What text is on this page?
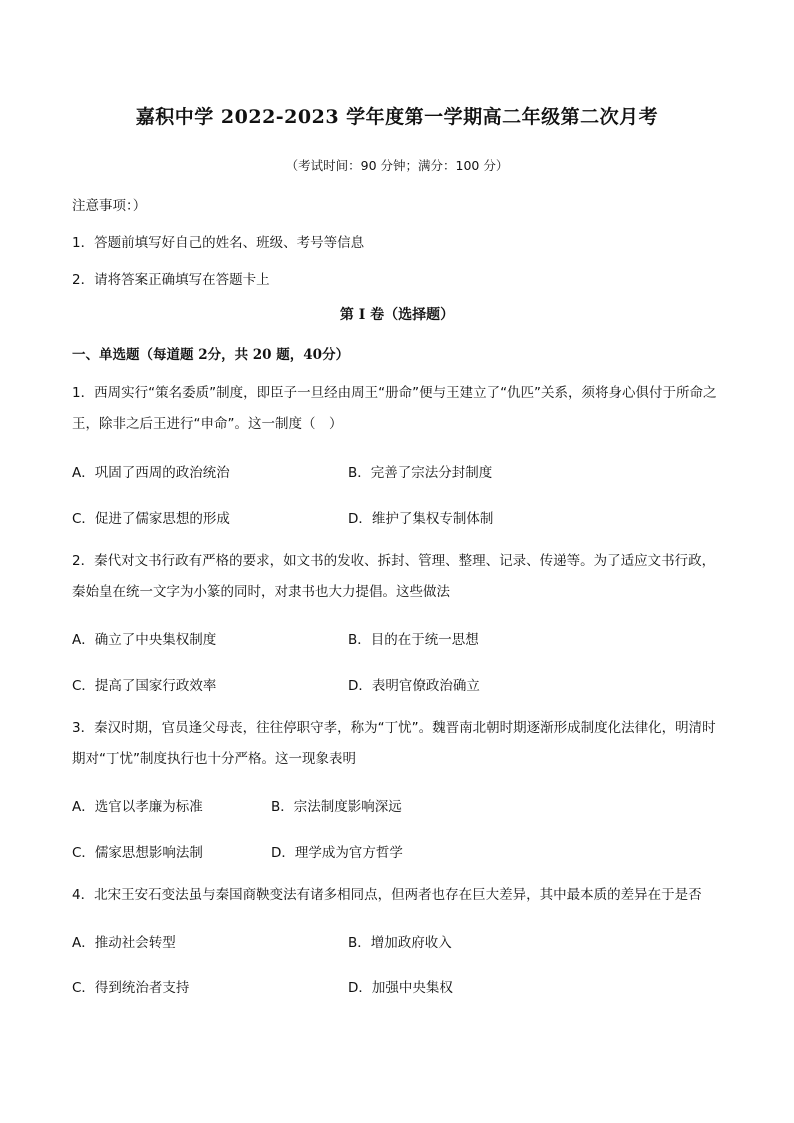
嘉积中学 2022-2023 学年度第一学期高二年级第二次月考
（考试时间：90 分钟；满分：100 分）
注意事项：）
1．答题前填写好自己的姓名、班级、考号等信息
2．请将答案正确填写在答题卡上
第 I 卷（选择题）
一、单选题（每道题 2分，共 20 题，40分）
1．西周实行“策名委质”制度，即臣子一旦经由周王“册命”便与王建立了“仇匹”关系，须将身心俱付于所命之王，除非之后王进行“申命”。这一制度（　）
A．巩固了西周的政治统治	B．完善了宗法分封制度
C．促进了儒家思想的形成	D．维护了集权专制体制
2．秦代对文书行政有严格的要求，如文书的发收、拆封、管理、整理、记录、传递等。为了适应文书行政，秦始皇在统一文字为小篆的同时，对隶书也大力提倡。这些做法
A．确立了中央集权制度	B．目的在于统一思想
C．提高了国家行政效率	D．表明官僚政治确立
3．秦汉时期，官员逢父母丧，往往停职守孝，称为“丁忧”。魏晋南北朝时期逐渐形成制度化法律化，明清时期对“丁忧”制度执行也十分严格。这一现象表明
A．选官以孝廉为标准	B．宗法制度影响深远
C．儒家思想影响法制	D．理学成为官方哲学
4．北宋王安石变法虽与秦国商鞅变法有诸多相同点，但两者也存在巨大差异，其中最本质的差异在于是否
A．推动社会转型	B．增加政府收入
C．得到统治者支持	D．加强中央集权
